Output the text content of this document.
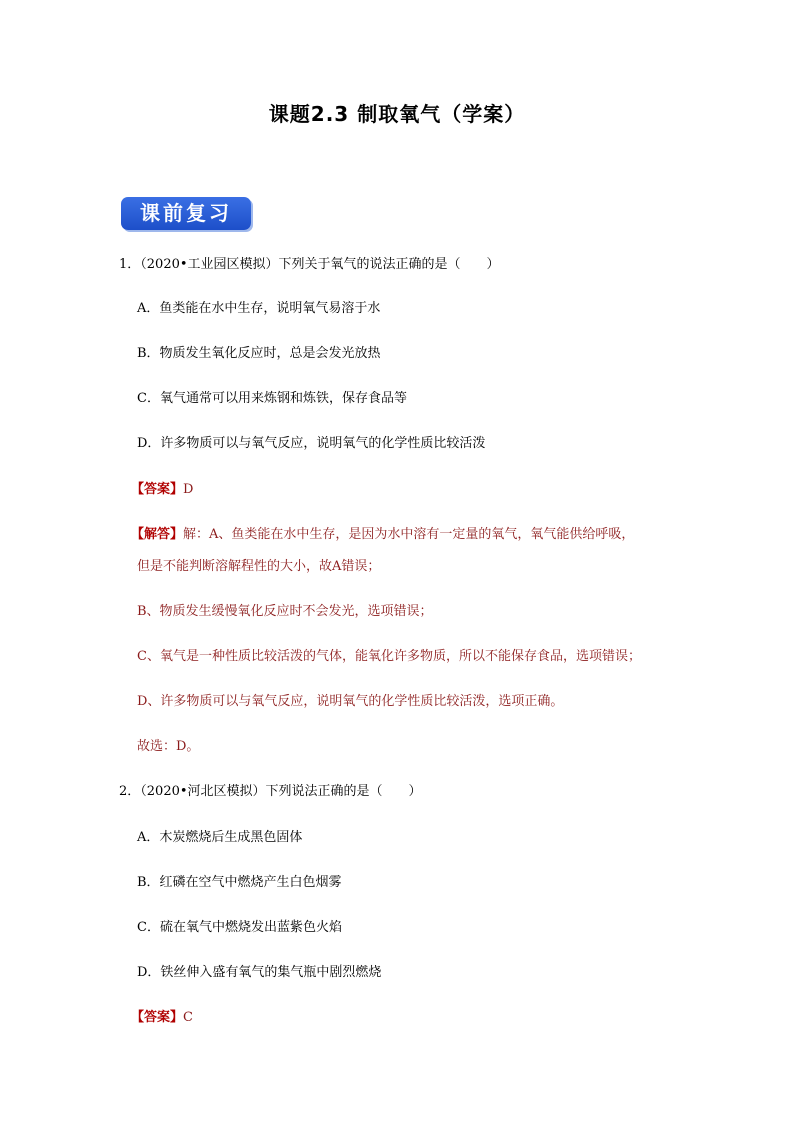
课题2.3 制取氧气（学案）
课前复习
1．（2020•工业园区模拟）下列关于氧气的说法正确的是（　　）
A．鱼类能在水中生存，说明氧气易溶于水
B．物质发生氧化反应时，总是会发光放热
C．氧气通常可以用来炼钢和炼铁，保存食品等
D．许多物质可以与氧气反应，说明氧气的化学性质比较活泼
【答案】D
【解答】解：A、鱼类能在水中生存，是因为水中溶有一定量的氧气，氧气能供给呼吸，
但是不能判断溶解程性的大小，故A错误；
B、物质发生缓慢氧化反应时不会发光，选项错误；
C、氧气是一种性质比较活泼的气体，能氧化许多物质，所以不能保存食品，选项错误；
D、许多物质可以与氧气反应，说明氧气的化学性质比较活泼，选项正确。
故选：D。
2．（2020•河北区模拟）下列说法正确的是（　　）
A．木炭燃烧后生成黑色固体
B．红磷在空气中燃烧产生白色烟雾
C．硫在氧气中燃烧发出蓝紫色火焰
D．铁丝伸入盛有氧气的集气瓶中剧烈燃烧
【答案】C
